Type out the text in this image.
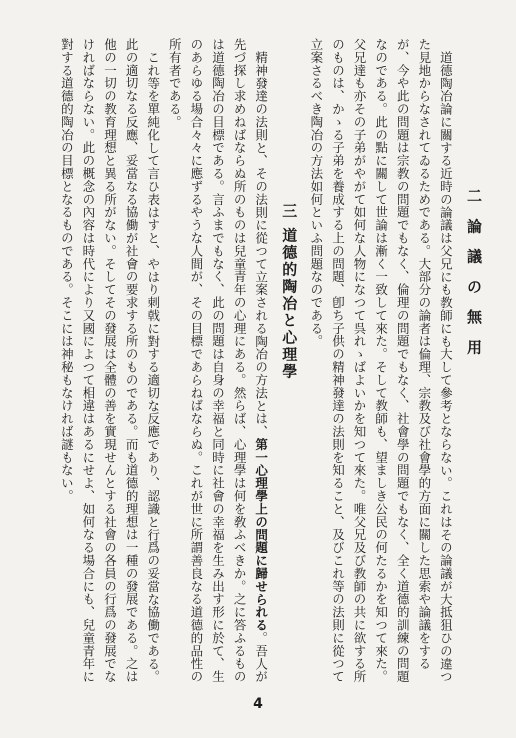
二 論 議 の 無 用

道德陶冶論に關する近時の論議は父兄にも教師にも大して參考とならない。これはその論議が大抵狙ひの違つた見地からなされてゐるためである。大部分の論者は倫理、宗教及び社會學的方面に關した思索や論議をするが、今や此の問題は宗教の問題でもなく、倫理の問題でもなく、社會學の問題でもなく、全く道德的訓練の問題なのである。此の點に關して世論は漸く一致して來た。そして教師も、望ましき公民の何たるかを知つて來た。父兄達も亦その子弟がやがて如何な人物になつて呉れゝばよいかを知つて來た。唯父兄及び教師の共に欲する所のものは、かゝる子弟を養成する上の問題、卽ち子供の精神發達の法則を知ること、及びこれ等の法則に從つて立案さるべき陶冶の方法如何といふ問題なのである。

三 道德的陶冶と心理學

精神發達の法則と、その法則に從つて立案される陶冶の方法とは、第一心理學上の問題に歸せられる。吾人が先づ探し求めねばならぬ所のものは兒童青年の心理にある。然らば、心理學は何を敎ふべきか。之に答ふるものは道德陶冶の目標である。言ふまでもなく、此の問題は自身の幸福と同時に社會の幸福を生み出す形に於て、生のあらゆる場合々々に應ずるやうな人間が、その目標であらねばならぬ。これが世に所謂善良なる道德的品性の所有者である。

これ等を單純化して言ひ表はすと、やはり刺戟に對する適切な反應であり、認識と行爲の妥當な協働である。此の適切なる反應、妥當なる協働が社會の要求する所のものである。而も道德的理想は一種の發展である。之は他の一切の教育理想と異る所がない。そしてその發展は全體の善を實現せんとする社會の各員の行爲の發展でなければならない。此の概念の內容は時代により又國によつて相違はあるにせよ、如何なる場合にも、兒童青年に對する道德的陶冶の目標となるものである。そこには神秘もなければ謎もない。

4
